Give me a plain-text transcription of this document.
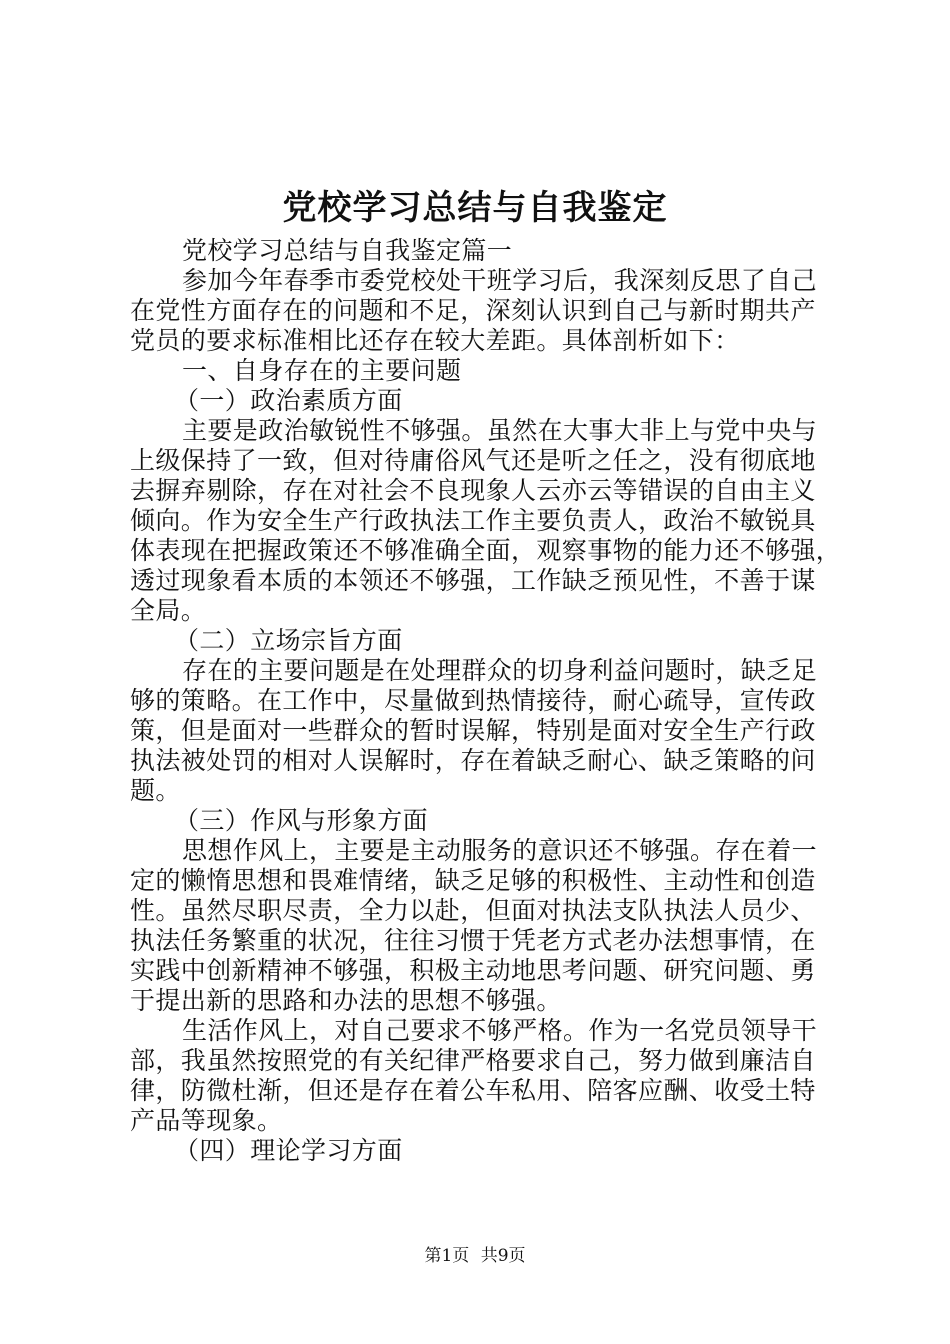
党校学习总结与自我鉴定
党校学习总结与自我鉴定篇一
参加今年春季市委党校处干班学习后，我深刻反思了自己
在党性方面存在的问题和不足，深刻认识到自己与新时期共产
党员的要求标准相比还存在较大差距。具体剖析如下：
一、自身存在的主要问题
（一）政治素质方面
主要是政治敏锐性不够强。虽然在大事大非上与党中央与
上级保持了一致，但对待庸俗风气还是听之任之，没有彻底地
去摒弃剔除，存在对社会不良现象人云亦云等错误的自由主义
倾向。作为安全生产行政执法工作主要负责人，政治不敏锐具
体表现在把握政策还不够准确全面，观察事物的能力还不够强，
透过现象看本质的本领还不够强，工作缺乏预见性，不善于谋
全局。
（二）立场宗旨方面
存在的主要问题是在处理群众的切身利益问题时，缺乏足
够的策略。在工作中，尽量做到热情接待，耐心疏导，宣传政
策，但是面对一些群众的暂时误解，特别是面对安全生产行政
执法被处罚的相对人误解时，存在着缺乏耐心、缺乏策略的问
题。
（三）作风与形象方面
思想作风上，主要是主动服务的意识还不够强。存在着一
定的懒惰思想和畏难情绪，缺乏足够的积极性、主动性和创造
性。虽然尽职尽责，全力以赴，但面对执法支队执法人员少、
执法任务繁重的状况，往往习惯于凭老方式老办法想事情，在
实践中创新精神不够强，积极主动地思考问题、研究问题、勇
于提出新的思路和办法的思想不够强。
生活作风上，对自己要求不够严格。作为一名党员领导干
部，我虽然按照党的有关纪律严格要求自己，努力做到廉洁自
律，防微杜渐，但还是存在着公车私用、陪客应酬、收受土特
产品等现象。
（四）理论学习方面
第1页 共9页
